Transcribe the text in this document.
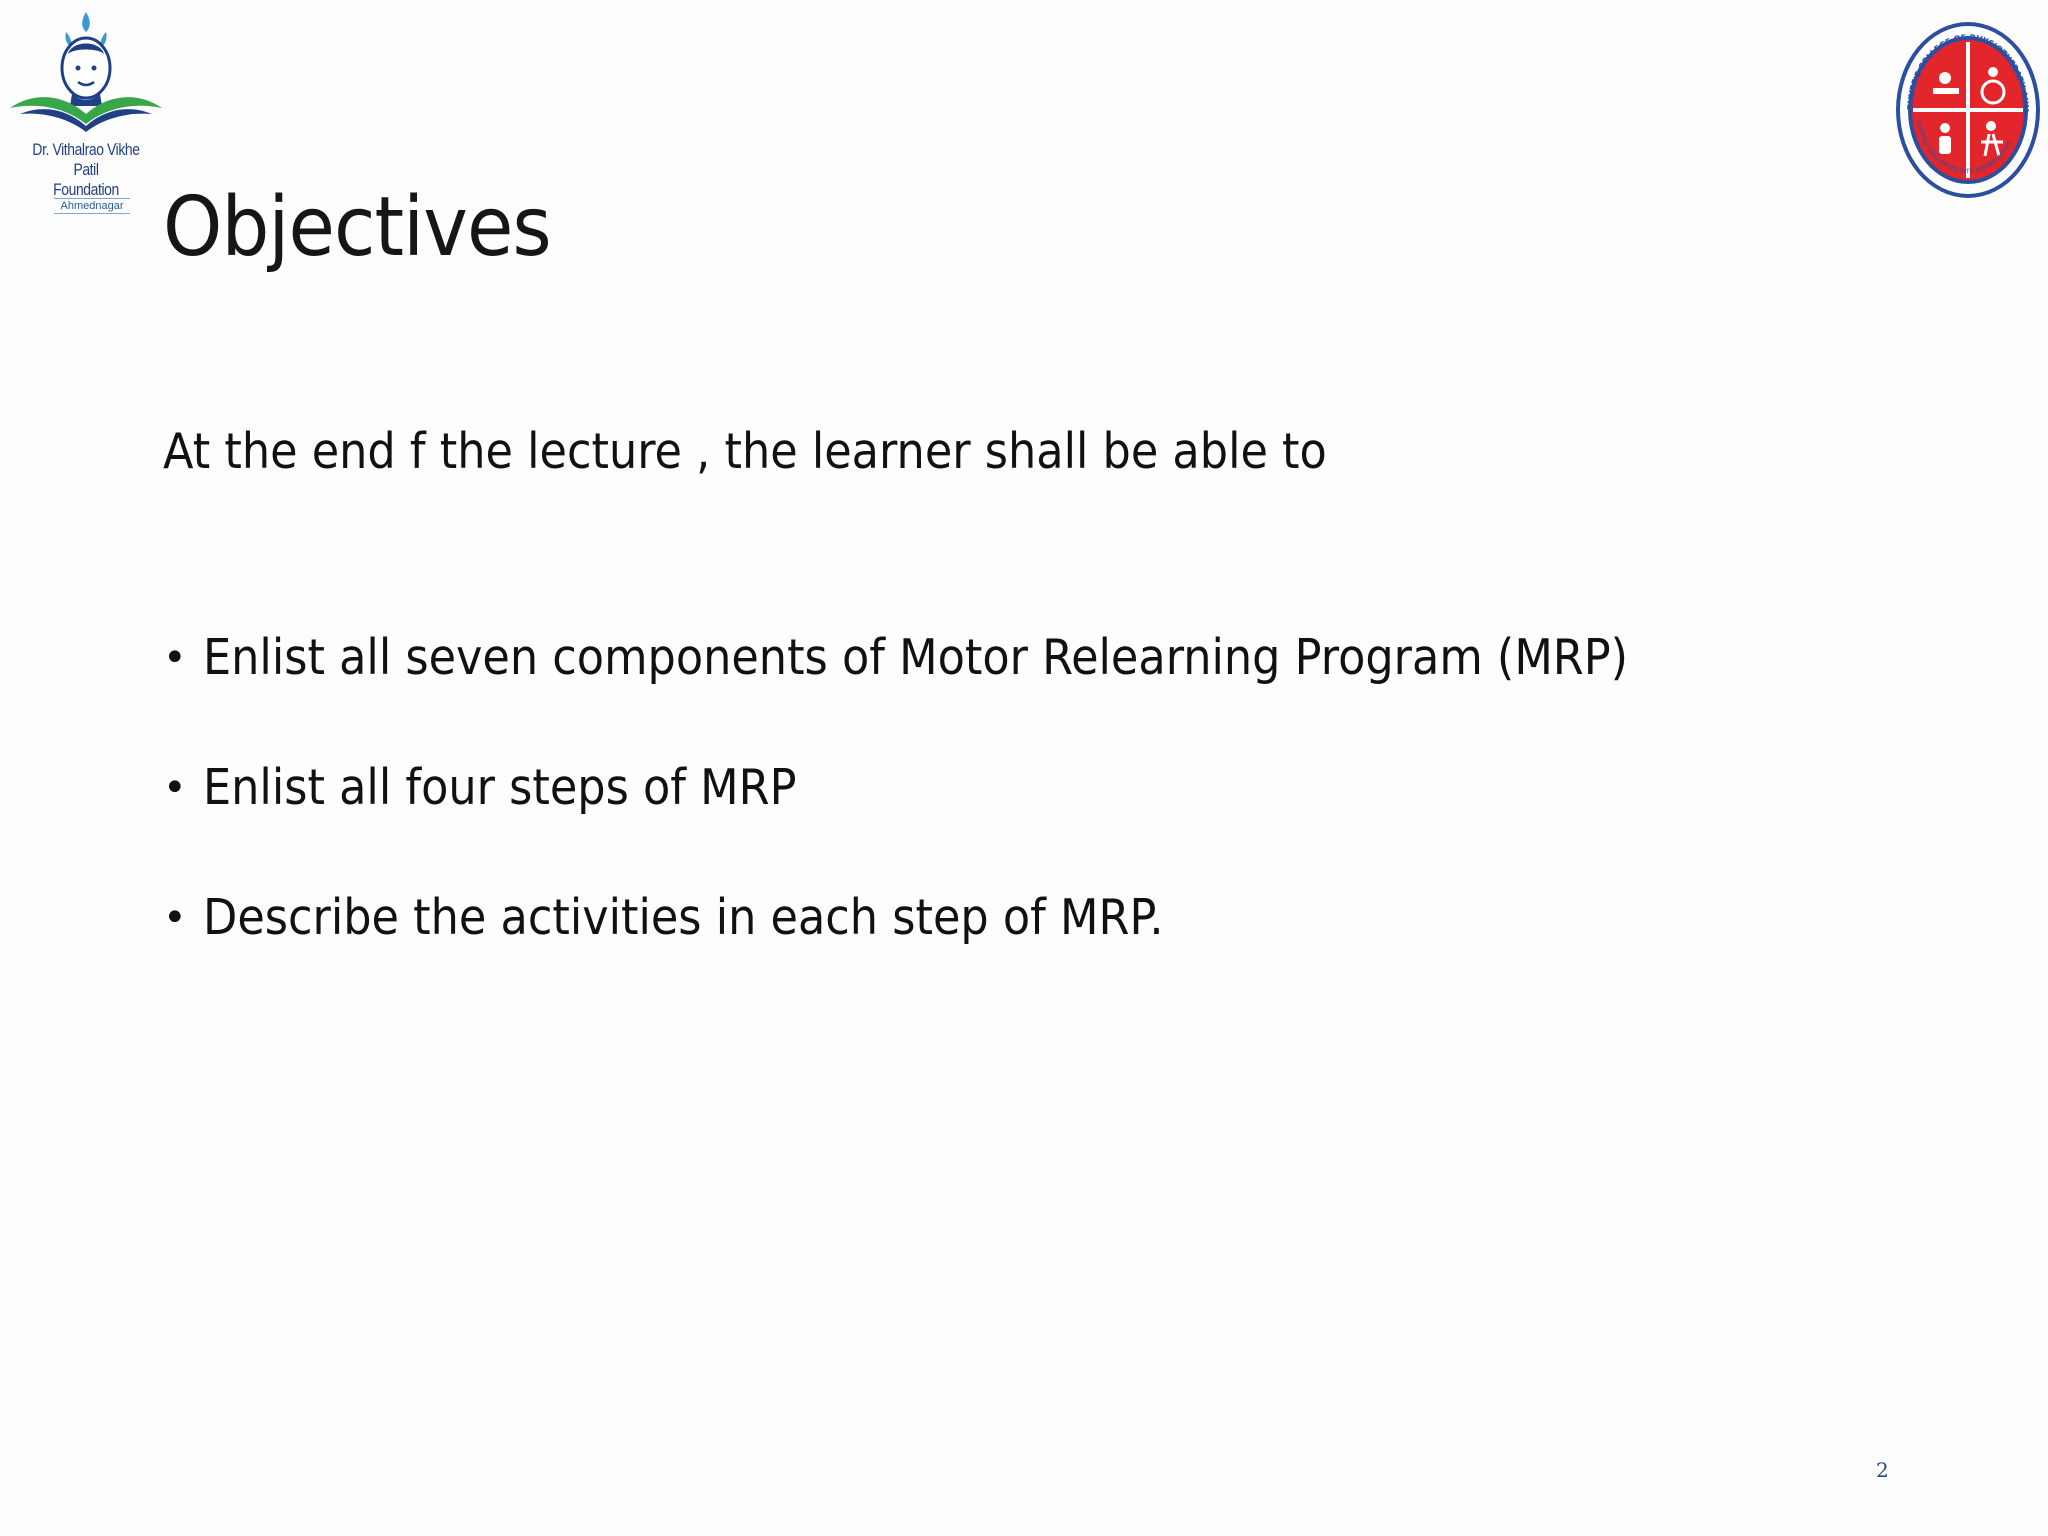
Dr. Vithalrao Vikhe Patil
Foundation
Ahmednagar
DVVPF'S COLLEGE OF PHYSIOTHERAPY AHM
TURNING CHALLENGES INTO OPPORTUNITIES
Objectives
At the end f the lecture , the learner shall be able to
• Enlist all seven components of Motor Relearning Program (MRP)
• Enlist all four steps of MRP
• Describe the activities in each step of MRP.
2
